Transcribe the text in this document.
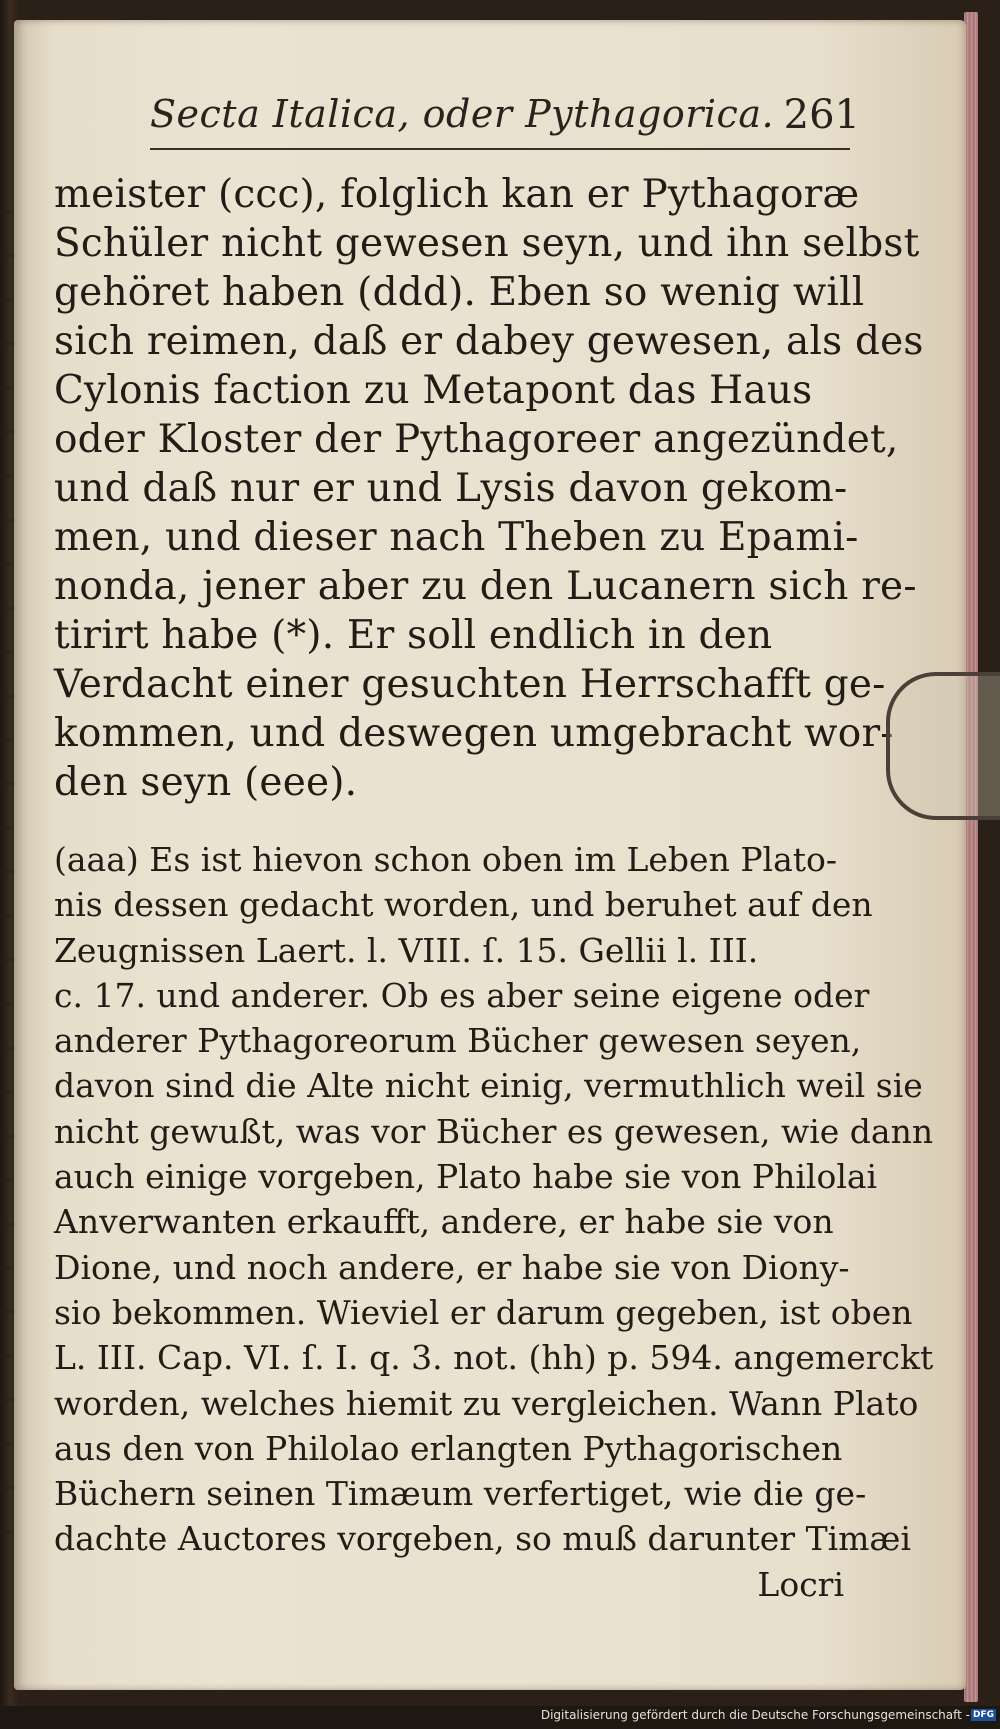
Secta Italica, oder Pythagorica. 261
meister (ccc), folglich kan er Pythagoræ
Schüler nicht gewesen seyn, und ihn selbst
gehöret haben (ddd). Eben so wenig will
sich reimen, daß er dabey gewesen, als des
Cylonis faction zu Metapont das Haus
oder Kloster der Pythagoreer angezündet,
und daß nur er und Lysis davon gekom-
men, und dieser nach Theben zu Epami-
nonda, jener aber zu den Lucanern sich re-
tirirt habe (*). Er soll endlich in den
Verdacht einer gesuchten Herrschafft ge-
kommen, und deswegen umgebracht wor-
den seyn (eee).
(aaa) Es ist hievon schon oben im Leben Plato-
nis dessen gedacht worden, und beruhet auf den
Zeugnissen Laert. l. VIII. ſ. 15. Gellii l. III.
c. 17. und anderer. Ob es aber seine eigene oder
anderer Pythagoreorum Bücher gewesen seyen,
davon sind die Alte nicht einig, vermuthlich weil sie
nicht gewußt, was vor Bücher es gewesen, wie dann
auch einige vorgeben, Plato habe sie von Philolai
Anverwanten erkaufft, andere, er habe sie von
Dione, und noch andere, er habe sie von Diony-
sio bekommen. Wieviel er darum gegeben, ist oben
L. III. Cap. VI. ſ. I. q. 3. not. (hh) p. 594. angemerckt
worden, welches hiemit zu vergleichen. Wann Plato
aus den von Philolao erlangten Pythagorischen
Büchern seinen Timæum verfertiget, wie die ge-
dachte Auctores vorgeben, so muß darunter Timæi
Locri
Digitalisierung gefördert durch die Deutsche Forschungsgemeinschaft - DFG
